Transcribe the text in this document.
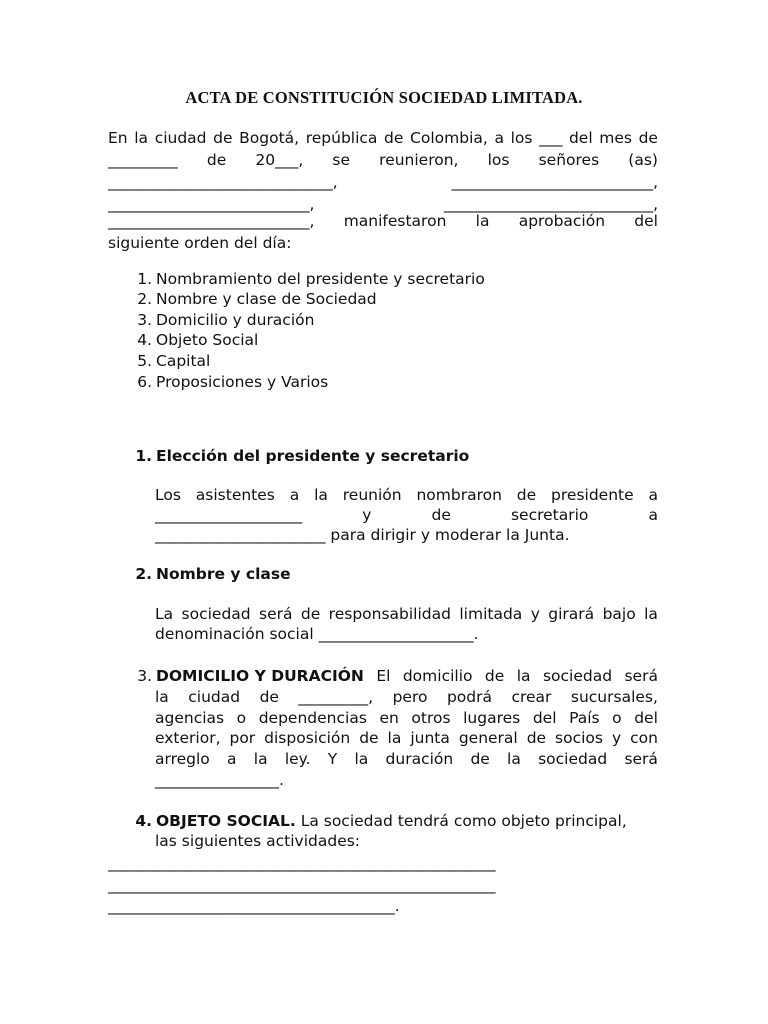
ACTA DE CONSTITUCIÓN SOCIEDAD LIMITADA.
En la ciudad de Bogotá, república de Colombia, a los ___ del mes de
_________ de 20___, se reunieron, los señores (as)
_____________________________,	__________________________,
__________________________,	___________________________,
__________________________, manifestaron la aprobación del
siguiente orden del día:
1. Nombramiento del presidente y secretario
2. Nombre y clase de Sociedad
3. Domicilio y duración
4. Objeto Social
5. Capital
6. Proposiciones y Varios
1. Elección del presidente y secretario
Los asistentes a la reunión nombraron de presidente a
___________________	y	de	secretario	a
______________________ para dirigir y moderar la Junta.
2. Nombre y clase
La sociedad será de responsabilidad limitada y girará bajo la
denominación social ____________________.
3. DOMICILIO Y DURACIÓN El domicilio de la sociedad será
la ciudad de _________, pero podrá crear sucursales,
agencias o dependencias en otros lugares del País o del
exterior, por disposición de la junta general de socios y con
arreglo a la ley. Y la duración de la sociedad será
________________.
4. OBJETO SOCIAL. La sociedad tendrá como objeto principal,
las siguientes actividades:
__________________________________________________
__________________________________________________
_____________________________________.
